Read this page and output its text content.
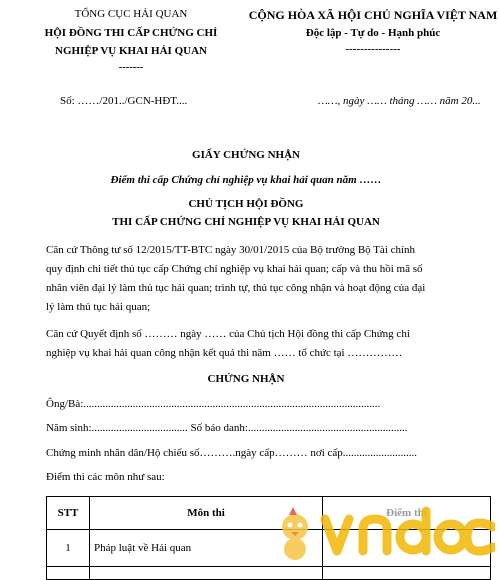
TỔNG CỤC HẢI QUAN
HỘI ĐỒNG THI CẤP CHỨNG CHỈ
NGHIỆP VỤ KHAI HẢI QUAN
-------
CỘNG HÒA XÃ HỘI CHỦ NGHĨA VIỆT NAM
Độc lập - Tự do - Hạnh phúc
---------------
Số: ……/201../GCN-HĐT....	……, ngày …… tháng …… năm 20...
GIẤY CHỨNG NHẬN
Điểm thi cấp Chứng chỉ nghiệp vụ khai hải quan năm ……
CHỦ TỊCH HỘI ĐỒNG
THI CẤP CHỨNG CHỈ NGHIỆP VỤ KHAI HẢI QUAN
Căn cứ Thông tư số 12/2015/TT-BTC ngày 30/01/2015 của Bộ trưởng Bộ Tài chính
quy định chi tiết thủ tục cấp Chứng chỉ nghiệp vụ khai hải quan; cấp và thu hồi mã số
nhân viên đại lý làm thủ tục hải quan; trình tự, thủ tục công nhận và hoạt động của đại
lý làm thủ tục hải quan;
Căn cứ Quyết định số ……… ngày …… của Chủ tịch Hội đồng thi cấp Chứng chỉ
nghiệp vụ khai hải quan công nhận kết quả thi năm …… tổ chức tại ……………
CHỨNG NHẬN
Ông/Bà:............................................................................................................
Năm sinh:................................... Số báo danh:..........................................................
Chứng minh nhân dân/Hộ chiếu số……….ngày cấp……… nơi cấp...........................
Điểm thi các môn như sau:
STT	Môn thi	Điểm thi
1	Pháp luật về Hải quan	
